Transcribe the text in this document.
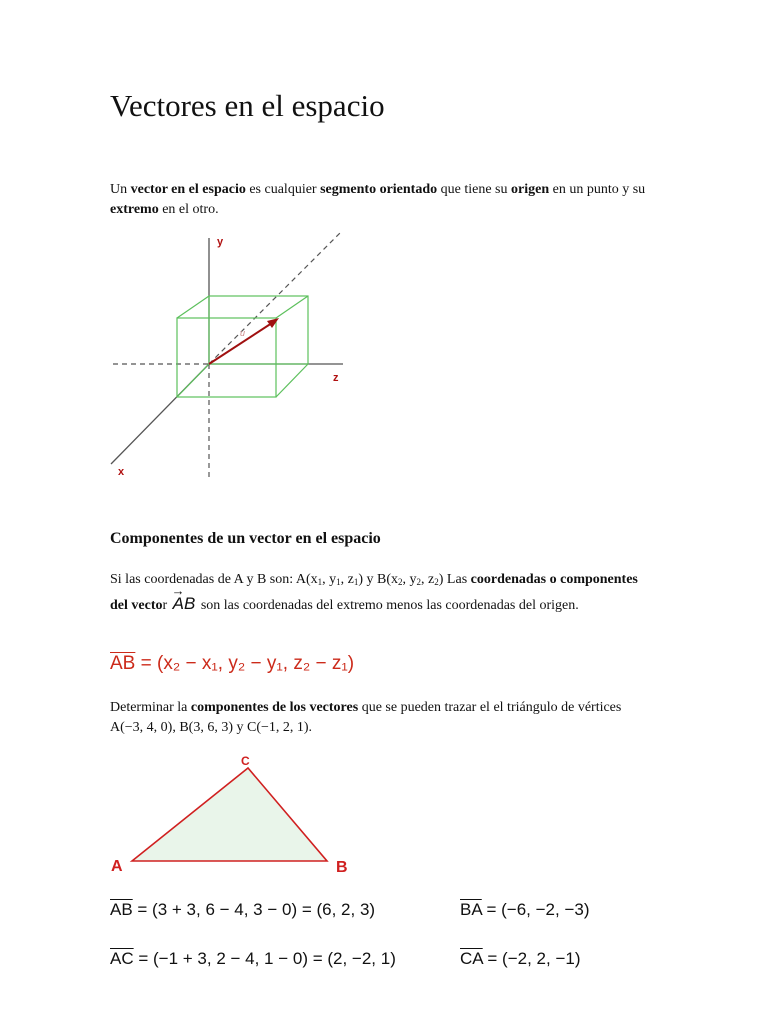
Vectores en el espacio

Un vector en el espacio es cualquier segmento orientado que tiene su origen en un punto y su extremo en el otro.

u
y
z
x
Componentes de un vector en el espacio

Si las coordenadas de A y B son: $A(x_1$, $y_1$, $z_1$) y $B(x_2$, $y_2$, $z_2$) Las coordenadas o componentes del vector → AB son las coordenadas del extremo menos las coordenadas del origen.

$\overline{AB} = (x_2 - x_1$, y₂ − y₁, z₂ − z₁)

Determinar la componentes de los vectores que se pueden trazar el el triángulo de vértices A(−3, 4, 0), B(3, 6, 3) y C(−1, 2, 1).

A	B
C
$\overline{AB} = (3 + 3$, 6 − 4, 3 − 0) = (6, 2, 3)	$\overline{BA} = (-6$, −2, −3)
$\overline{AC} = (-1 + 3$, 2 − 4, 1 − 0) = (2, −2, 1)	$\overline{CA} = (-2$, 2, −1)
